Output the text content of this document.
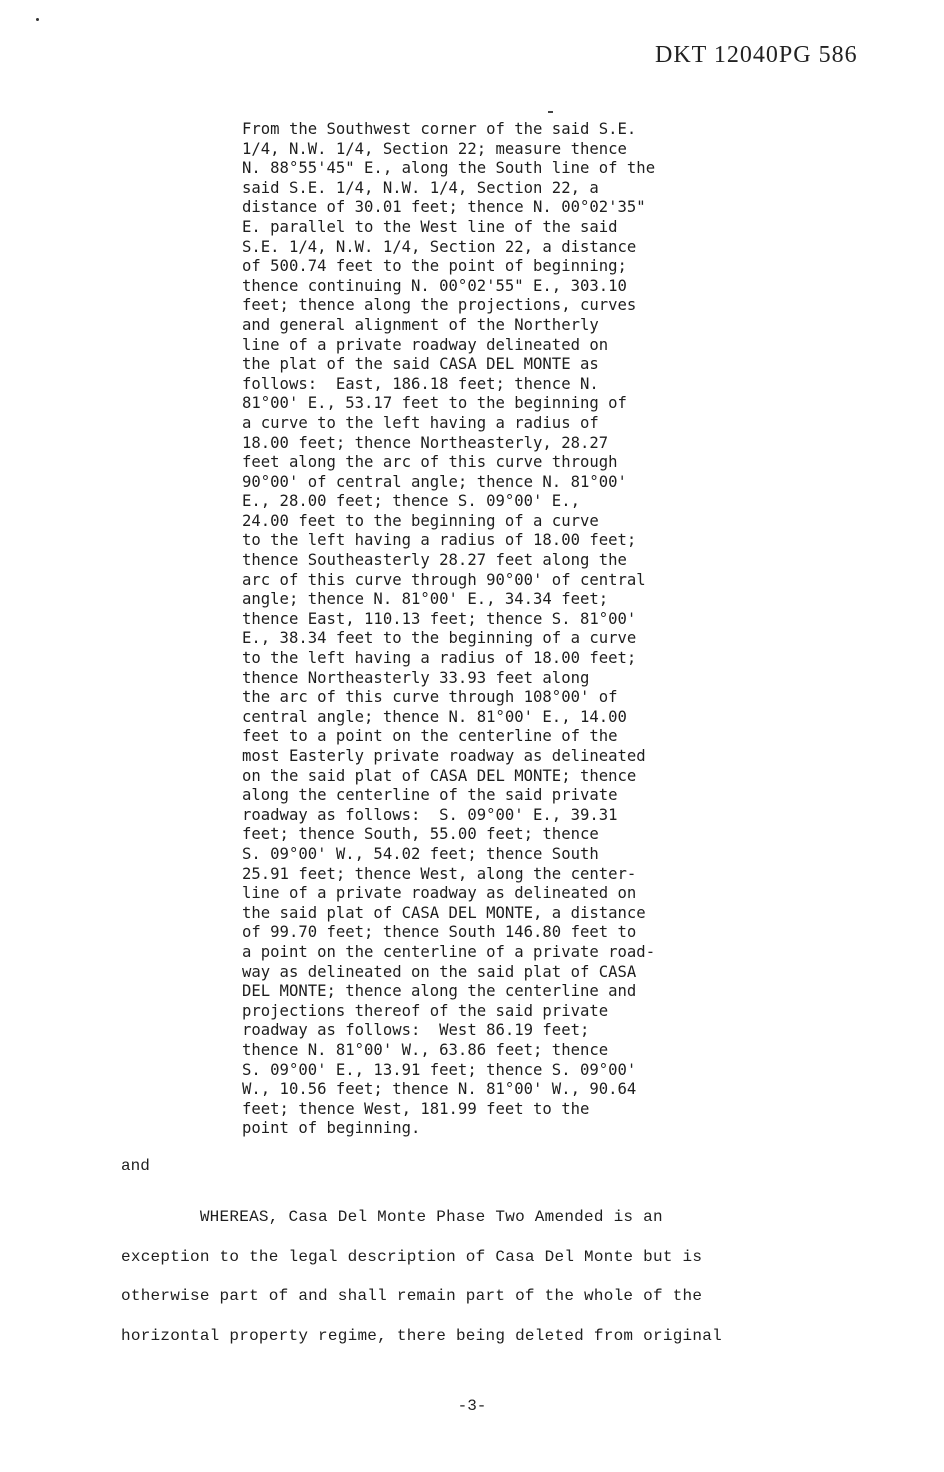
DKT 12040PG 586
From the Southwest corner of the said S.E.
1/4, N.W. 1/4, Section 22; measure thence
N. 88°55'45" E., along the South line of the
said S.E. 1/4, N.W. 1/4, Section 22, a
distance of 30.01 feet; thence N. 00°02'35"
E. parallel to the West line of the said
S.E. 1/4, N.W. 1/4, Section 22, a distance
of 500.74 feet to the point of beginning;
thence continuing N. 00°02'55" E., 303.10
feet; thence along the projections, curves
and general alignment of the Northerly
line of a private roadway delineated on
the plat of the said CASA DEL MONTE as
follows:  East, 186.18 feet; thence N.
81°00' E., 53.17 feet to the beginning of
a curve to the left having a radius of
18.00 feet; thence Northeasterly, 28.27
feet along the arc of this curve through
90°00' of central angle; thence N. 81°00'
E., 28.00 feet; thence S. 09°00' E.,
24.00 feet to the beginning of a curve
to the left having a radius of 18.00 feet;
thence Southeasterly 28.27 feet along the
arc of this curve through 90°00' of central
angle; thence N. 81°00' E., 34.34 feet;
thence East, 110.13 feet; thence S. 81°00'
E., 38.34 feet to the beginning of a curve
to the left having a radius of 18.00 feet;
thence Northeasterly 33.93 feet along
the arc of this curve through 108°00' of
central angle; thence N. 81°00' E., 14.00
feet to a point on the centerline of the
most Easterly private roadway as delineated
on the said plat of CASA DEL MONTE; thence
along the centerline of the said private
roadway as follows:  S. 09°00' E., 39.31
feet; thence South, 55.00 feet; thence
S. 09°00' W., 54.02 feet; thence South
25.91 feet; thence West, along the center-
line of a private roadway as delineated on
the said plat of CASA DEL MONTE, a distance
of 99.70 feet; thence South 146.80 feet to
a point on the centerline of a private road-
way as delineated on the said plat of CASA
DEL MONTE; thence along the centerline and
projections thereof of the said private
roadway as follows:  West 86.19 feet;
thence N. 81°00' W., 63.86 feet; thence
S. 09°00' E., 13.91 feet; thence S. 09°00'
W., 10.56 feet; thence N. 81°00' W., 90.64
feet; thence West, 181.99 feet to the
point of beginning.

and
WHEREAS, Casa Del Monte Phase Two Amended is an
exception to the legal description of Casa Del Monte but is
otherwise part of and shall remain part of the whole of the
horizontal property regime, there being deleted from original

-3-
